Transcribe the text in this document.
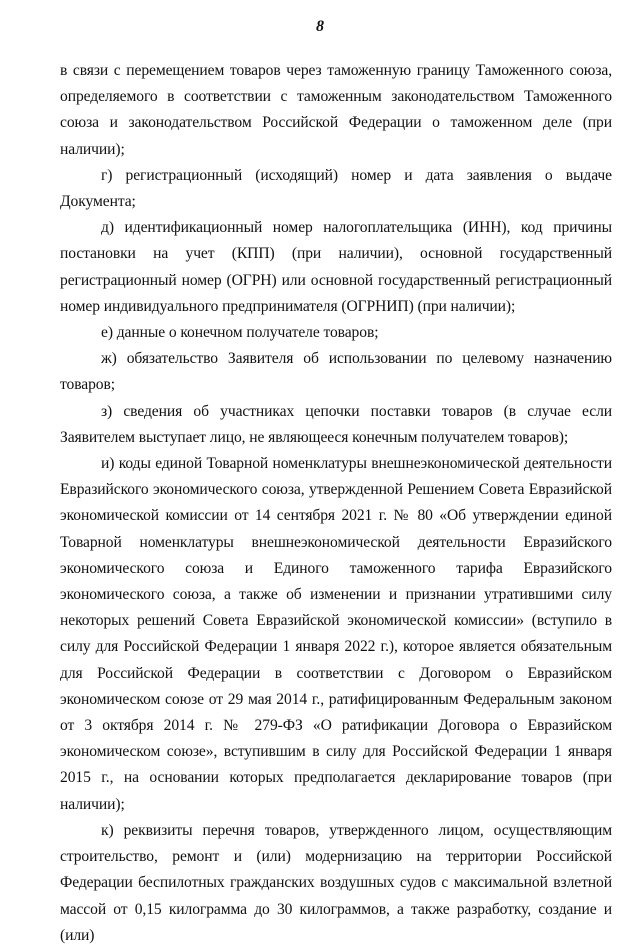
8

в связи с перемещением товаров через таможенную границу Таможенного союза, определяемого в соответствии с таможенным законодательством Таможенного союза и законодательством Российской Федерации о таможенном деле (при наличии);

г) регистрационный (исходящий) номер и дата заявления о выдаче Документа;

д) идентификационный номер налогоплательщика (ИНН), код причины постановки на учет (КПП) (при наличии), основной государственный регистрационный номер (ОГРН) или основной государственный регистрационный номер индивидуального предпринимателя (ОГРНИП) (при наличии);

е) данные о конечном получателе товаров;

ж) обязательство Заявителя об использовании по целевому назначению товаров;

з) сведения об участниках цепочки поставки товаров (в случае если Заявителем выступает лицо, не являющееся конечным получателем товаров);

и) коды единой Товарной номенклатуры внешнеэкономической деятельности Евразийского экономического союза, утвержденной Решением Совета Евразийской экономической комиссии от 14 сентября 2021 г. № 80 «Об утверждении единой Товарной номенклатуры внешнеэкономической деятельности Евразийского экономического союза и Единого таможенного тарифа Евразийского экономического союза, а также об изменении и признании утратившими силу некоторых решений Совета Евразийской экономической комиссии» (вступило в силу для Российской Федерации 1 января 2022 г.), которое является обязательным для Российской Федерации в соответствии с Договором о Евразийском экономическом союзе от 29 мая 2014 г., ратифицированным Федеральным законом от 3 октября 2014 г. № 279-ФЗ «О ратификации Договора о Евразийском экономическом союзе», вступившим в силу для Российской Федерации 1 января 2015 г., на основании которых предполагается декларирование товаров (при наличии);

к) реквизиты перечня товаров, утвержденного лицом, осуществляющим строительство, ремонт и (или) модернизацию на территории Российской Федерации беспилотных гражданских воздушных судов с максимальной взлетной массой от 0,15 килограмма до 30 килограммов, а также разработку, создание и (или)
